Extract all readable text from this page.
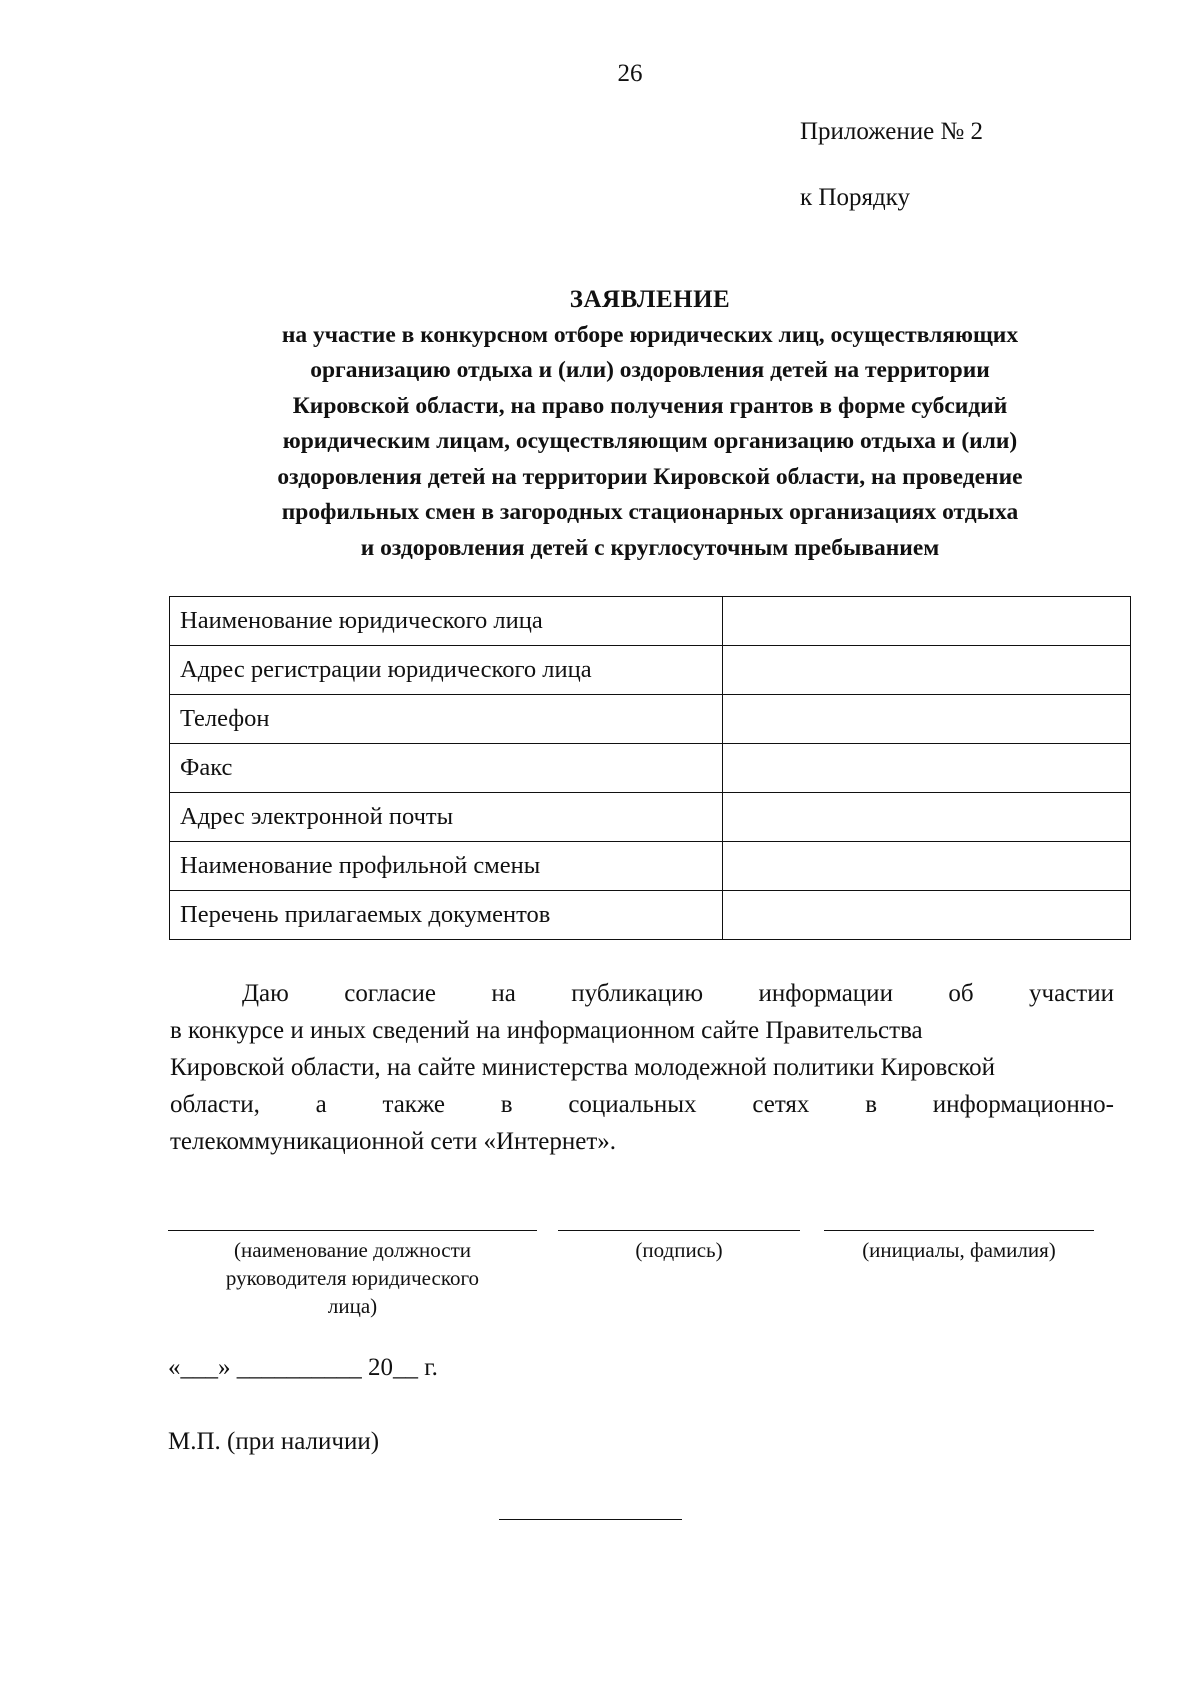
26
Приложение № 2
к Порядку
ЗАЯВЛЕНИЕ
на участие в конкурсном отборе юридических лиц, осуществляющих
организацию отдыха и (или) оздоровления детей на территории
Кировской области, на право получения грантов в форме субсидий
юридическим лицам, осуществляющим организацию отдыха и (или)
оздоровления детей на территории Кировской области, на проведение
профильных смен в загородных стационарных организациях отдыха
и оздоровления детей с круглосуточным пребыванием
Наименование юридического лица	
Адрес регистрации юридического лица	
Телефон	
Факс	
Адрес электронной почты	
Наименование профильной смены	
Перечень прилагаемых документов	
Даю согласие на публикацию информации об участии
в конкурсе и иных сведений на информационном сайте Правительства
Кировской области, на сайте министерства молодежной политики Кировской
области, а также в социальных сетях в информационно-
телекоммуникационной сети «Интернет».
(наименование должности
руководителя юридического
лица)
(подпись)	(инициалы, фамилия)
«___» __________ 20__ г.
М.П. (при наличии)
